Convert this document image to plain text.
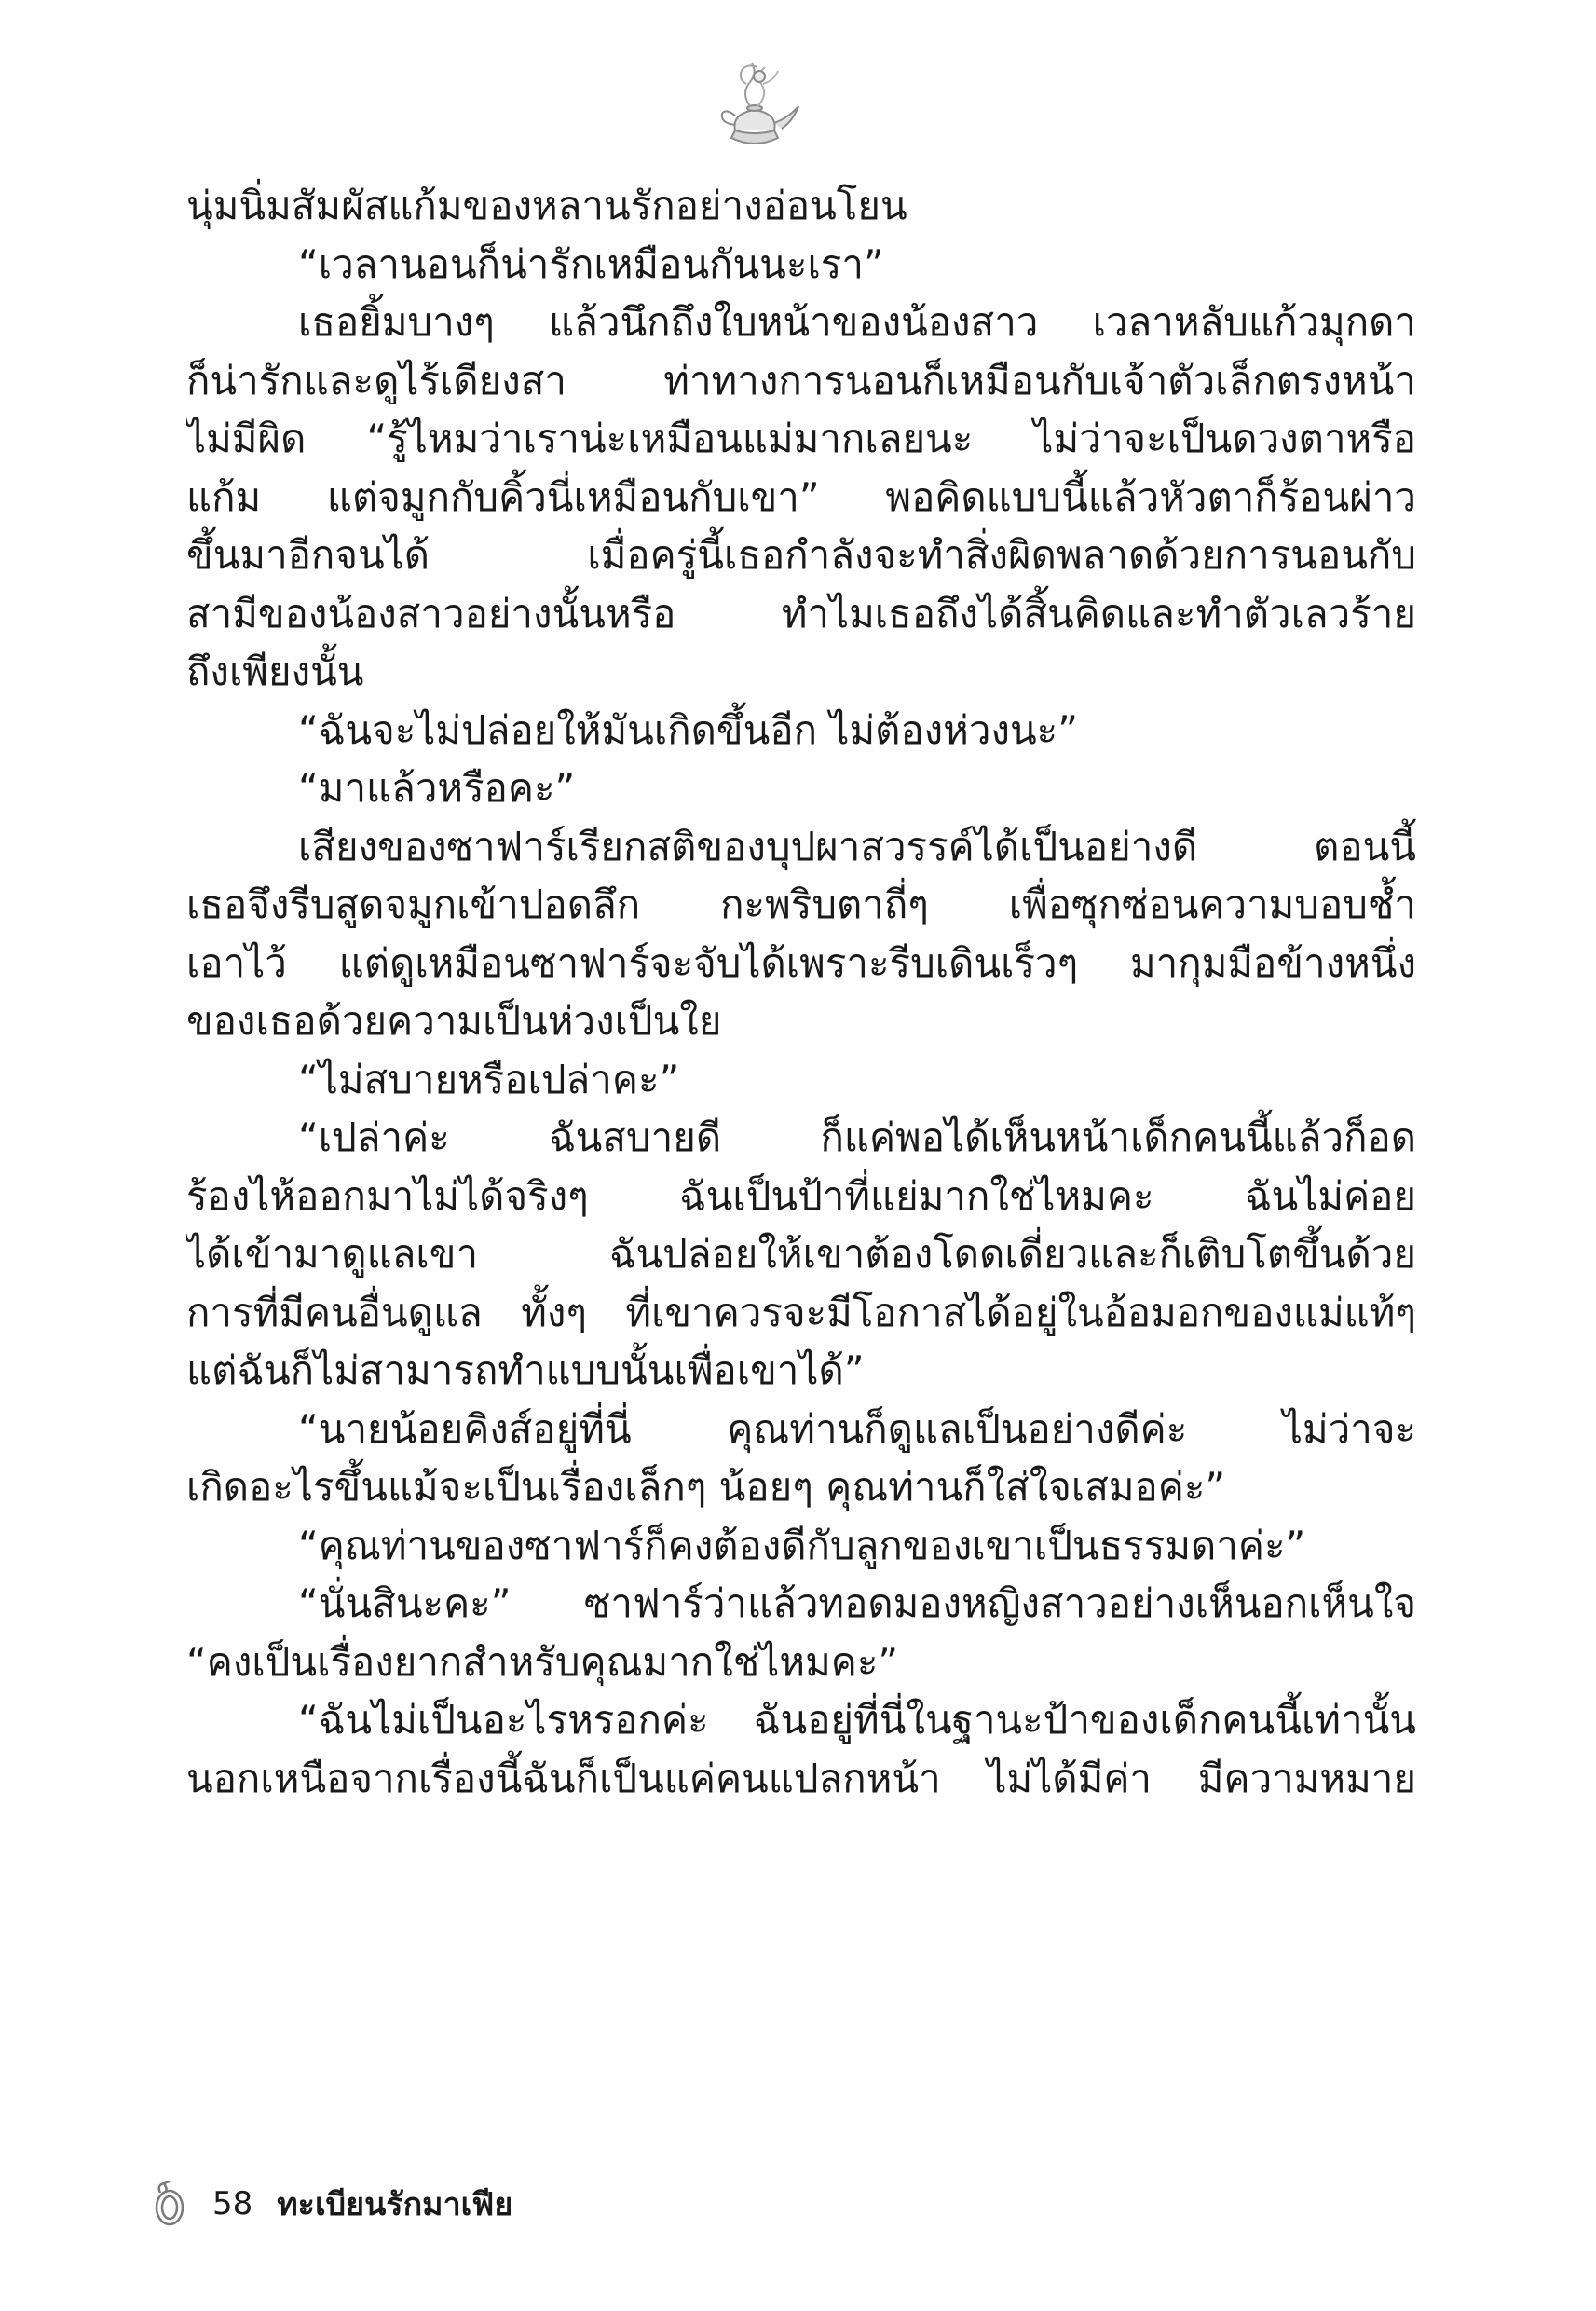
นุ่มนิ่มสัมผัสแก้มของหลานรักอย่างอ่อนโยน
“เวลานอนก็น่ารักเหมือนกันนะเรา”
เธอยิ้มบางๆ แล้วนึกถึงใบหน้าของน้องสาว เวลาหลับแก้วมุกดา
ก็น่ารักและดูไร้เดียงสา ท่าทางการนอนก็เหมือนกับเจ้าตัวเล็กตรงหน้า
ไม่มีผิด “รู้ไหมว่าเราน่ะเหมือนแม่มากเลยนะ ไม่ว่าจะเป็นดวงตาหรือ
แก้ม แต่จมูกกับคิ้วนี่เหมือนกับเขา” พอคิดแบบนี้แล้วหัวตาก็ร้อนผ่าว
ขึ้นมาอีกจนได้ เมื่อครู่นี้เธอกำลังจะทำสิ่งผิดพลาดด้วยการนอนกับ
สามีของน้องสาวอย่างนั้นหรือ ทำไมเธอถึงได้สิ้นคิดและทำตัวเลวร้าย
ถึงเพียงนั้น
“ฉันจะไม่ปล่อยให้มันเกิดขึ้นอีก ไม่ต้องห่วงนะ”
“มาแล้วหรือคะ”
เสียงของซาฟาร์เรียกสติของบุปผาสวรรค์ได้เป็นอย่างดี ตอนนี้
เธอจึงรีบสูดจมูกเข้าปอดลึก กะพริบตาถี่ๆ เพื่อซุกซ่อนความบอบช้ำ
เอาไว้ แต่ดูเหมือนซาฟาร์จะจับได้เพราะรีบเดินเร็วๆ มากุมมือข้างหนึ่ง
ของเธอด้วยความเป็นห่วงเป็นใย
“ไม่สบายหรือเปล่าคะ”
“เปล่าค่ะ ฉันสบายดี ก็แค่พอได้เห็นหน้าเด็กคนนี้แล้วก็อด
ร้องไห้ออกมาไม่ได้จริงๆ ฉันเป็นป้าที่แย่มากใช่ไหมคะ ฉันไม่ค่อย
ได้เข้ามาดูแลเขา ฉันปล่อยให้เขาต้องโดดเดี่ยวและก็เติบโตขึ้นด้วย
การที่มีคนอื่นดูแล ทั้งๆ ที่เขาควรจะมีโอกาสได้อยู่ในอ้อมอกของแม่แท้ๆ
แต่ฉันก็ไม่สามารถทำแบบนั้นเพื่อเขาได้”
“นายน้อยคิงส์อยู่ที่นี่ คุณท่านก็ดูแลเป็นอย่างดีค่ะ ไม่ว่าจะ
เกิดอะไรขึ้นแม้จะเป็นเรื่องเล็กๆ น้อยๆ คุณท่านก็ใส่ใจเสมอค่ะ”
“คุณท่านของซาฟาร์ก็คงต้องดีกับลูกของเขาเป็นธรรมดาค่ะ”
“นั่นสินะคะ” ซาฟาร์ว่าแล้วทอดมองหญิงสาวอย่างเห็นอกเห็นใจ
“คงเป็นเรื่องยากสำหรับคุณมากใช่ไหมคะ”
“ฉันไม่เป็นอะไรหรอกค่ะ ฉันอยู่ที่นี่ในฐานะป้าของเด็กคนนี้เท่านั้น
นอกเหนือจากเรื่องนี้ฉันก็เป็นแค่คนแปลกหน้า ไม่ได้มีค่า มีความหมาย
58 ทะเบียนรักมาเฟีย
